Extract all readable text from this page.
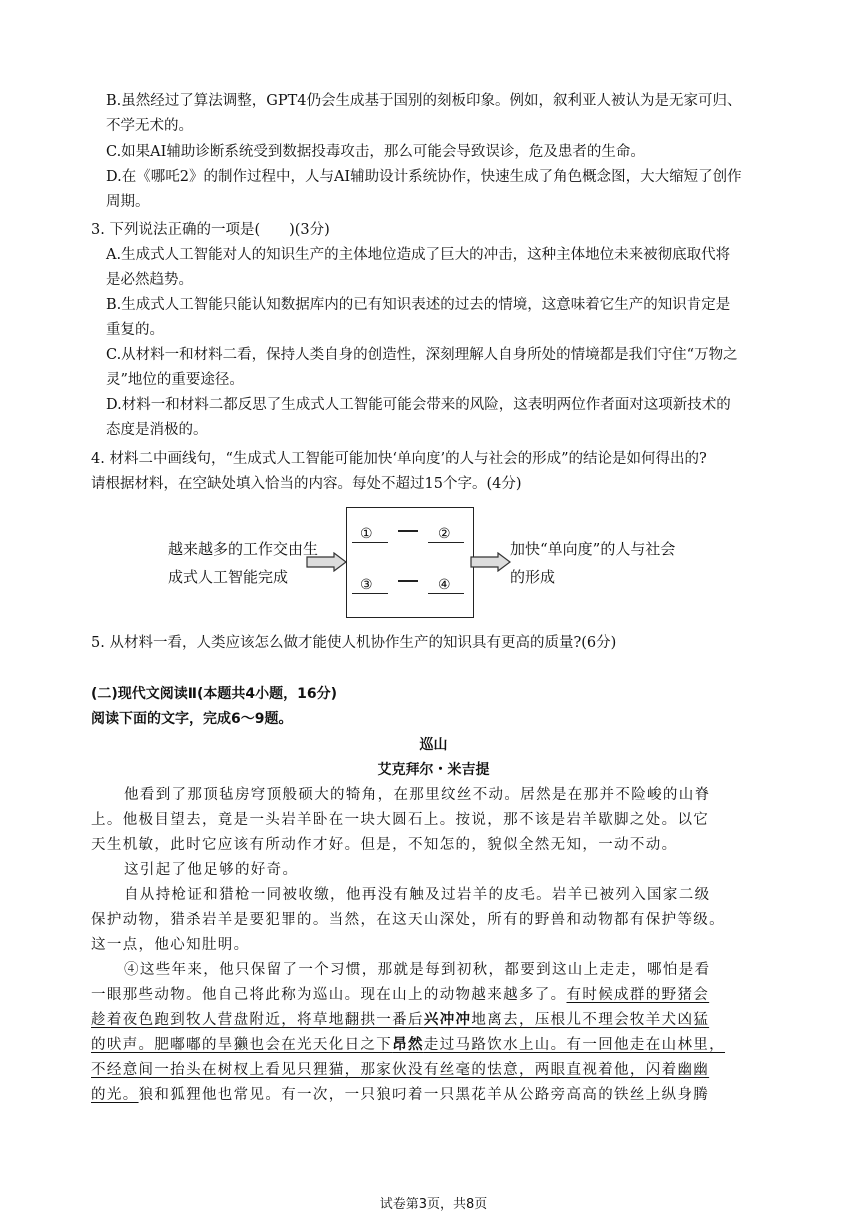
B.虽然经过了算法调整，GPT4仍会生成基于国别的刻板印象。例如，叙利亚人被认为是无家可归、
不学无术的。
C.如果AI辅助诊断系统受到数据投毒攻击，那么可能会导致误诊，危及患者的生命。
D.在《哪吒2》的制作过程中，人与AI辅助设计系统协作，快速生成了角色概念图，大大缩短了创作
周期。
3. 下列说法正确的一项是(　　)(3分)
A.生成式人工智能对人的知识生产的主体地位造成了巨大的冲击，这种主体地位未来被彻底取代将
是必然趋势。
B.生成式人工智能只能认知数据库内的已有知识表述的过去的情境，这意味着它生产的知识肯定是
重复的。
C.从材料一和材料二看，保持人类自身的创造性，深刻理解人自身所处的情境都是我们守住“万物之
灵”地位的重要途径。
D.材料一和材料二都反思了生成式人工智能可能会带来的风险，这表明两位作者面对这项新技术的
态度是消极的。
4. 材料二中画线句，“生成式人工智能可能加快‘单向度’的人与社会的形成”的结论是如何得出的?
请根据材料，在空缺处填入恰当的内容。每处不超过15个字。(4分)
越来越多的工作交由生
成式人工智能完成
①	②
③	④
加快“单向度”的人与社会
的形成
5. 从材料一看，人类应该怎么做才能使人机协作生产的知识具有更高的质量?(6分)
(二)现代文阅读Ⅱ(本题共4小题，16分)
阅读下面的文字，完成6～9题。
巡山
艾克拜尔・米吉提
他看到了那顶毡房穹顶般硕大的犄角，在那里纹丝不动。居然是在那并不险峻的山脊
上。他极目望去，竟是一头岩羊卧在一块大圆石上。按说，那不该是岩羊歇脚之处。以它
天生机敏，此时它应该有所动作才好。但是，不知怎的，貌似全然无知，一动不动。
这引起了他足够的好奇。
自从持枪证和猎枪一同被收缴，他再没有触及过岩羊的皮毛。岩羊已被列入国家二级
保护动物，猎杀岩羊是要犯罪的。当然，在这天山深处，所有的野兽和动物都有保护等级。
这一点，他心知肚明。
④这些年来，他只保留了一个习惯，那就是每到初秋，都要到这山上走走，哪怕是看
一眼那些动物。他自己将此称为巡山。现在山上的动物越来越多了。有时候成群的野猪会
趁着夜色跑到牧人营盘附近，将草地翻拱一番后兴冲冲地离去，压根儿不理会牧羊犬凶猛
的吠声。肥嘟嘟的旱獭也会在光天化日之下昂然走过马路饮水上山。有一回他走在山林里，
不经意间一抬头在树杈上看见只狸猫，那家伙没有丝毫的怯意，两眼直视着他，闪着幽幽
的光。狼和狐狸他也常见。有一次，一只狼叼着一只黑花羊从公路旁高高的铁丝上纵身腾
试卷第3页，共8页
